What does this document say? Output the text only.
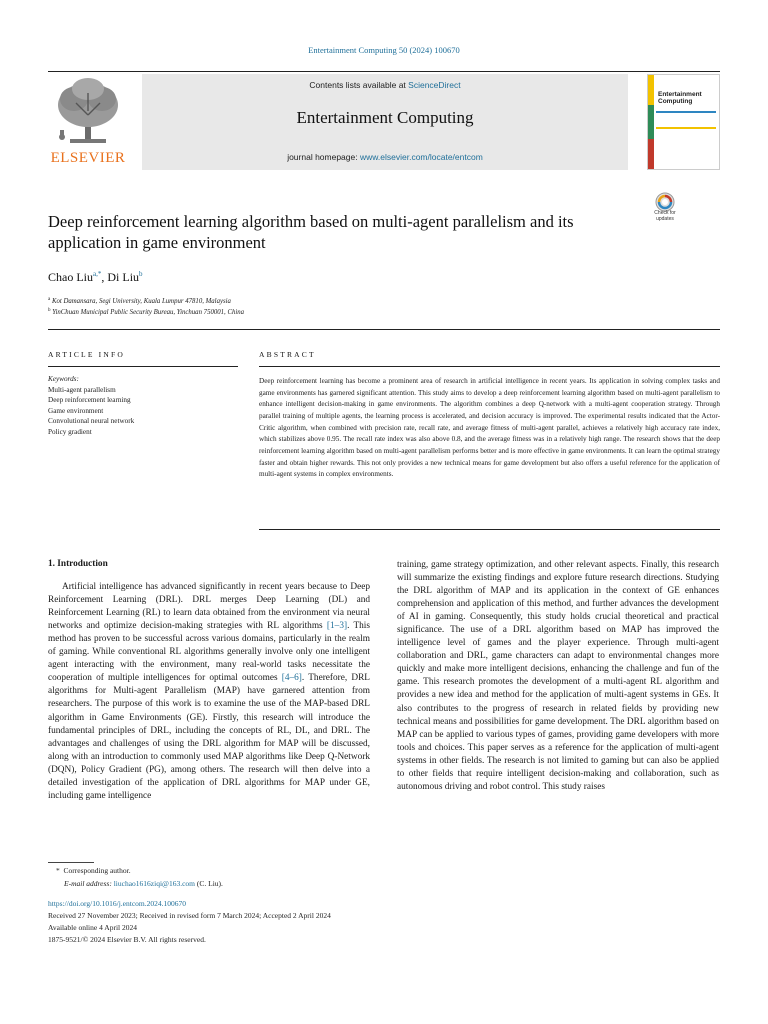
Entertainment Computing 50 (2024) 100670
ELSEVIER
Contents lists available at ScienceDirect
Entertainment Computing
journal homepage: www.elsevier.com/locate/entcom
Entertainment Computing
Deep reinforcement learning algorithm based on multi-agent parallelism and its application in game environment
Check for updates
Chao Liu$^{a,*}$, Di Liu$^b$
$^a$ Kot Damansara, Segi University, Kuala Lumpur 47810, Malaysia
$^b$ YinChuan Municipal Public Security Bureau, Yinchuan 750001, China
ARTICLE INFO
Keywords:
Multi-agent parallelism
Deep reinforcement learning
Game environment
Convolutional neural network
Policy gradient
ABSTRACT
Deep reinforcement learning has become a prominent area of research in artificial intelligence in recent years. Its application in solving complex tasks and game environments has garnered significant attention. This study aims to develop a deep reinforcement learning algorithm based on multi-agent parallelism to enhance intelligent decision-making in game environments. The algorithm combines a deep Q-network with a multi-agent cooperation strategy. Through parallel training of multiple agents, the learning process is accelerated, and decision accuracy is improved. The experimental results indicated that the Actor-Critic algorithm, when combined with precision rate, recall rate, and average fitness of multi-agent parallel, achieves a relatively high accuracy rate index, which stabilizes above 0.95. The recall rate index was also above 0.8, and the average fitness was in a relatively high range. The research shows that the deep reinforcement learning algorithm based on multi-agent parallelism performs better and is more effective in game environments. It can learn the optimal strategy faster and obtain higher rewards. This not only provides a new technical means for game development but also offers a useful reference for the application of multi-agent systems in complex environments.
1. Introduction

Artificial intelligence has advanced significantly in recent years because to Deep Reinforcement Learning (DRL). DRL merges Deep Learning (DL) and Reinforcement Learning (RL) to learn data obtained from the environment via neural networks and optimize decision-making strategies with RL algorithms [1–3]. This method has proven to be successful across various domains, particularly in the realm of gaming. While conventional RL algorithms generally involve only one intelligent agent interacting with the environment, many real-world tasks necessitate the cooperation of multiple intelligences for optimal outcomes [4–6]. Therefore, DRL algorithms for Multi-agent Parallelism (MAP) have garnered attention from researchers. The purpose of this work is to examine the use of the MAP-based DRL algorithm in Game Environments (GE). Firstly, this research will introduce the fundamental principles of DRL, including the concepts of RL, DL, and DRL. The advantages and challenges of using the DRL algorithm for MAP will be discussed, along with an introduction to commonly used MAP algorithms like Deep Q-Network (DQN), Policy Gradient (PG), among others. The research will then delve into a detailed investigation of the application of DRL algorithms for MAP under GE, including game intelligence

training, game strategy optimization, and other relevant aspects. Finally, this research will summarize the existing findings and explore future research directions. Studying the DRL algorithm of MAP and its application in the context of GE enhances comprehension and application of this method, and further advances the development of AI in gaming. Consequently, this study holds crucial theoretical and practical significance. The use of a DRL algorithm based on MAP has improved the intelligence level of games and the player experience. Through multi-agent collaboration and DRL, game characters can adapt to environmental changes more quickly and make more intelligent decisions, enhancing the challenge and fun of the game. This research promotes the development of a multi-agent RL algorithm and provides a new idea and method for the application of multi-agent systems in GEs. It also contributes to the progress of research in related fields by providing new technical means and possibilities for game development. The DRL algorithm based on MAP can be applied to various types of games, providing game developers with more tools and choices. This paper serves as a reference for the application of multi-agent systems in other fields. The research is not limited to gaming but can also be applied to other fields that require intelligent decision-making and collaboration, such as autonomous driving and robot control. This study raises

* Corresponding author.
E-mail address: liuchao1616ziqi@163.com (C. Liu).
https://doi.org/10.1016/j.entcom.2024.100670
Received 27 November 2023; Received in revised form 7 March 2024; Accepted 2 April 2024
Available online 4 April 2024
1875-9521/© 2024 Elsevier B.V. All rights reserved.
